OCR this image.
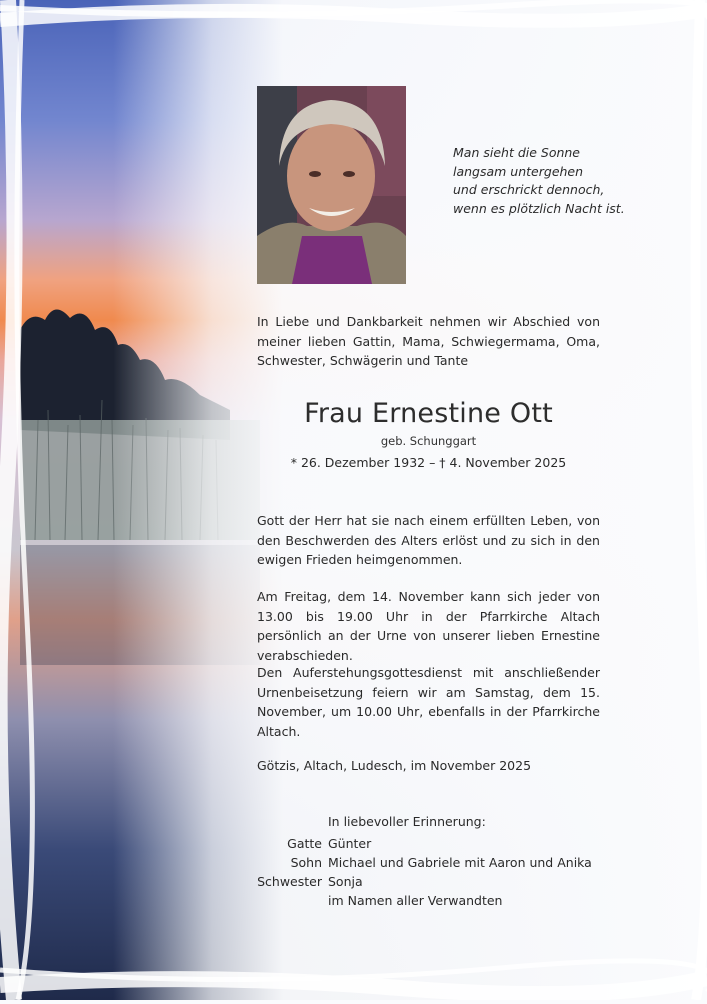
Man sieht die Sonne
langsam untergehen
und erschrickt dennoch,
wenn es plötzlich Nacht ist.
In Liebe und Dankbarkeit nehmen wir Abschied von meiner lieben Gattin, Mama, Schwiegermama, Oma, Schwester, Schwägerin und Tante
Frau Ernestine Ott
geb. Schunggart
* 26. Dezember 1932 – † 4. November 2025
Gott der Herr hat sie nach einem erfüllten Leben, von den Beschwerden des Alters erlöst und zu sich in den ewigen Frieden heimgenommen.
Am Freitag, dem 14. November kann sich jeder von 13.00 bis 19.00 Uhr in der Pfarrkirche Altach persönlich an der Urne von unserer lieben Ernestine verabschieden.
Den Auferstehungsgottesdienst mit anschließender Urnenbeisetzung feiern wir am Samstag, dem 15. November, um 10.00 Uhr, ebenfalls in der Pfarrkirche Altach.
Götzis, Altach, Ludesch, im November 2025
In liebevoller Erinnerung:
Gatte Günter
Sohn Michael und Gabriele mit Aaron und Anika
Schwester Sonja
im Namen aller Verwandten
